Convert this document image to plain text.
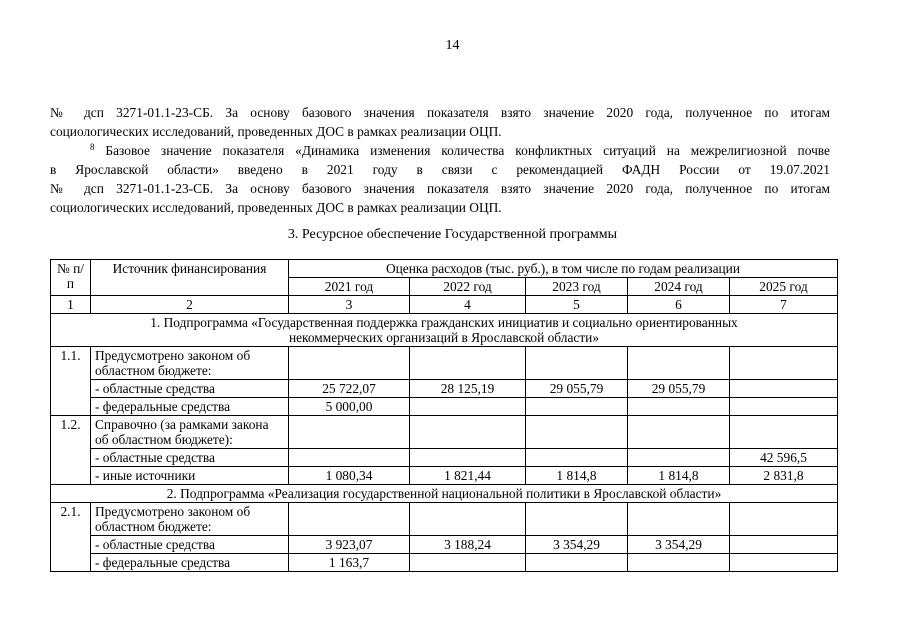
14

№ дсп 3271-01.1-23-СБ. За основу базового значения показателя взято значение 2020 года, полученное по итогам

социологических исследований, проведенных ДОС в рамках реализации ОЦП.

$^8$ Базовое значение показателя «Динамика изменения количества конфликтных ситуаций на межрелигиозной почве

в Ярославской области» введено в 2021 году в связи с рекомендацией ФАДН России от 19.07.2021

№ дсп 3271-01.1-23-СБ. За основу базового значения показателя взято значение 2020 года, полученное по итогам

социологических исследований, проведенных ДОС в рамках реализации ОЦП.

3. Ресурсное обеспечение Государственной программы
№ п/п	Источник финансирования	Оценка расходов (тыс. руб.), в том числе по годам реализации				
		2021 год	2022 год	2023 год	2024 год	2025 год
1	2	3	4	5	6	7
1. Подпрограмма «Государственная поддержка гражданских инициатив и социально ориентированных некоммерческих организаций в Ярославской области»						
1.1.	Предусмотрено законом об областном бюджете:					
	- областные средства	25 722,07	28 125,19	29 055,79	29 055,79	
	- федеральные средства	5 000,00				
1.2.	Справочно (за рамками закона об областном бюджете):					
	- областные средства					42 596,5
	- иные источники	1 080,34	1 821,44	1 814,8	1 814,8	2 831,8
2. Подпрограмма «Реализация государственной национальной политики в Ярославской области»						
2.1.	Предусмотрено законом об областном бюджете:					
	- областные средства	3 923,07	3 188,24	3 354,29	3 354,29	
	- федеральные средства	1 163,7				
